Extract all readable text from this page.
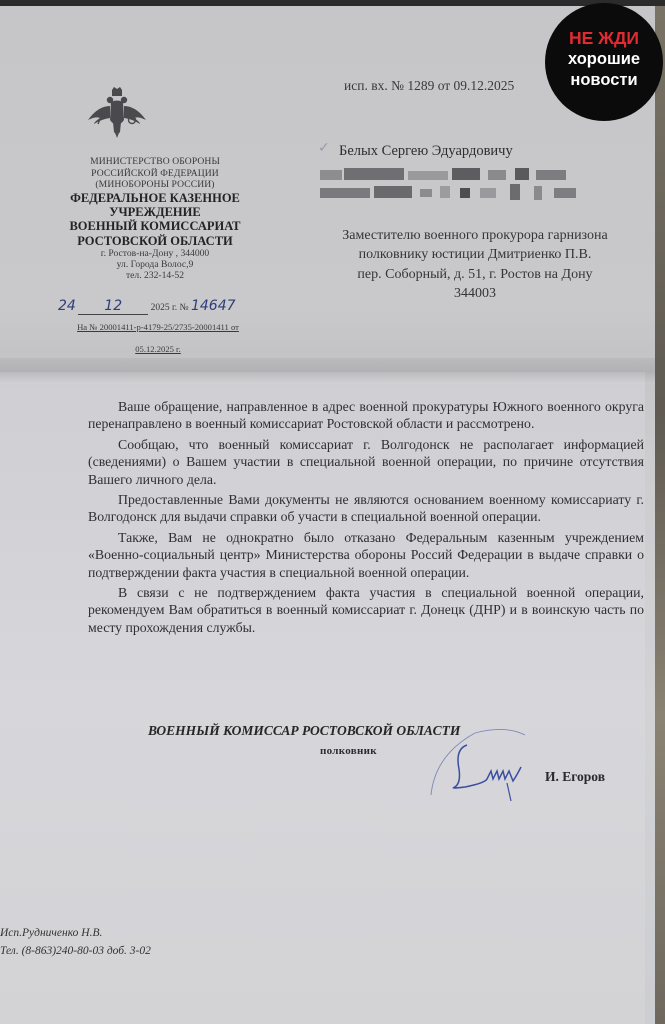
МИНИСТЕРСТВО ОБОРОНЫ
РОССИЙСКОЙ ФЕДЕРАЦИИ
(МИНОБОРОНЫ РОССИИ)
ФЕДЕРАЛЬНОЕ КАЗЕННОЕ
УЧРЕЖДЕНИЕ
ВОЕННЫЙ КОМИССАРИАТ
РОСТОВСКОЙ ОБЛАСТИ
г. Ростов-на-Дону , 344000
ул. Города Волос,9
тел. 232-14-52
24 12	2025 г. № 14647
На № 20001411-р-4179-25/2735-20001411 от
05.12.2025 г.
исп. вх. № 1289 от 09.12.2025
✓ Белых Сергею Эдуардовичу
Заместителю военного прокурора гарнизона
полковнику юстиции Дмитриенко П.В.
пер. Соборный, д. 51, г. Ростов на Дону
344003
НЕ ЖДИ
хорошие
новости

Ваше обращение, направленное в адрес военной прокуратуры Южного военного округа перенаправлено в военный комиссариат Ростовской области и рассмотрено.

Сообщаю, что военный комиссариат г. Волгодонск не располагает информацией (сведениями) о Вашем участии в специальной военной операции, по причине отсутствия Вашего личного дела.

Предоставленные Вами документы не являются основанием военному комиссариату г. Волгодонск для выдачи справки об участи в специальной военной операции.

Также, Вам не однократно было отказано Федеральным казенным учреждением «Военно-социальный центр» Министерства обороны Россий Федерации в выдаче справки о подтверждении факта участия в специальной военной операции.

В связи с не подтверждением факта участия в специальной военной операции, рекомендуем Вам обратиться в военный комиссариат г. Донецк (ДНР) и в воинскую часть по месту прохождения службы.

ВОЕННЫЙ КОМИССАР РОСТОВСКОЙ ОБЛАСТИ
полковник
И. Егоров
Исп.Рудниченко Н.В.
Тел. (8-863)240-80-03 доб. 3-02
